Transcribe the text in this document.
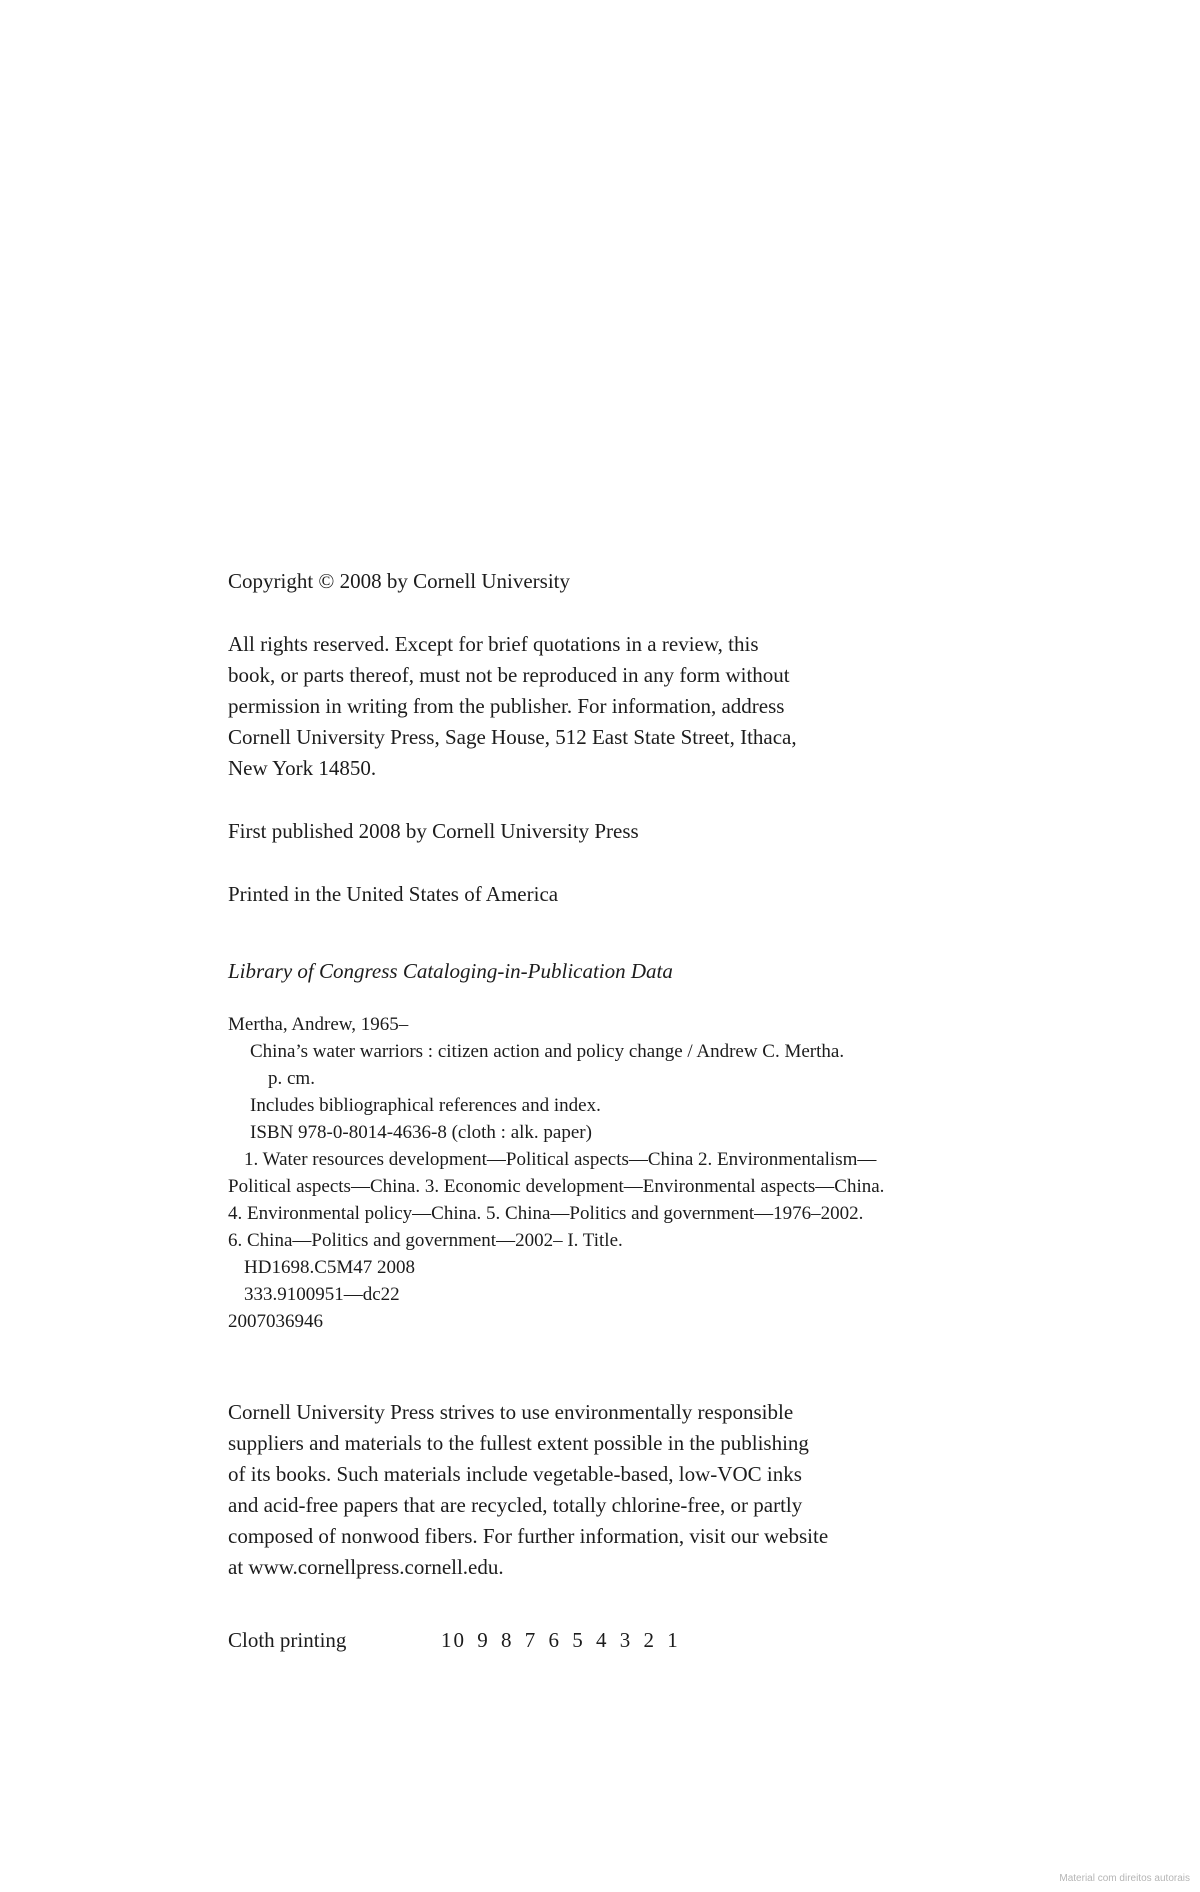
Copyright © 2008 by Cornell University

All rights reserved. Except for brief quotations in a review, this
book, or parts thereof, must not be reproduced in any form without
permission in writing from the publisher. For information, address
Cornell University Press, Sage House, 512 East State Street, Ithaca,
New York 14850.

First published 2008 by Cornell University Press

Printed in the United States of America

Library of Congress Cataloging-in-Publication Data

Mertha, Andrew, 1965–
China’s water warriors : citizen action and policy change / Andrew C. Mertha.
p. cm.
Includes bibliographical references and index.
ISBN 978-0-8014-4636-8 (cloth : alk. paper)
1. Water resources development—Political aspects—China 2. Environmentalism—
Political aspects—China. 3. Economic development—Environmental aspects—China.
4. Environmental policy—China. 5. China—Politics and government—1976–2002.
6. China—Politics and government—2002– I. Title.
HD1698.C5M47 2008
333.9100951—dc22
2007036946

Cornell University Press strives to use environmentally responsible
suppliers and materials to the fullest extent possible in the publishing
of its books. Such materials include vegetable-based, low-VOC inks
and acid-free papers that are recycled, totally chlorine-free, or partly
composed of nonwood fibers. For further information, visit our website
at www.cornellpress.cornell.edu.

Cloth printing	10 9 8 7 6 5 4 3 2 1
Material com direitos autorais
